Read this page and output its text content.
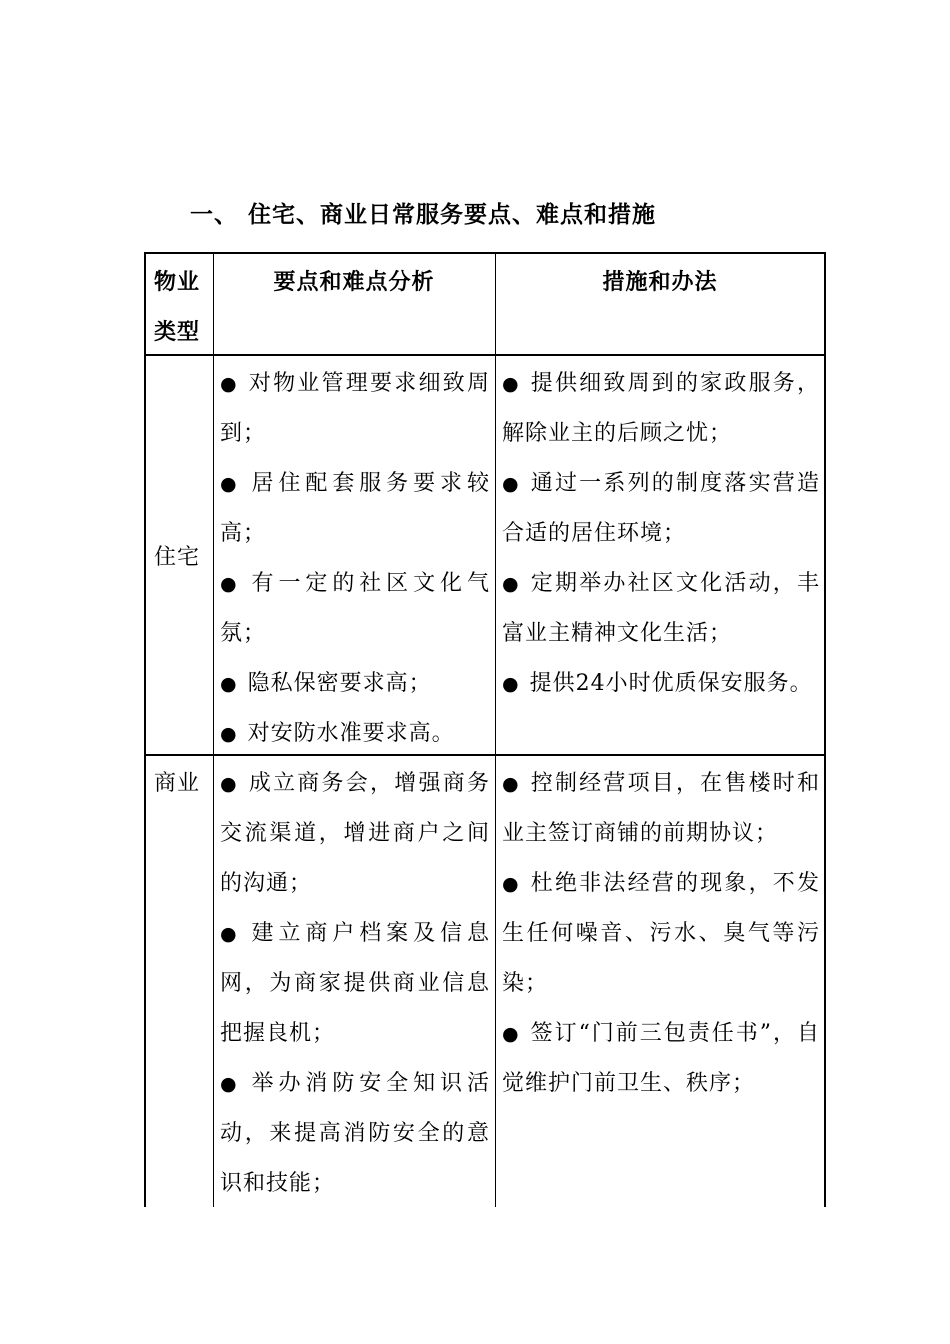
一、 住宅、商业日常服务要点、难点和措施
物业类型
要点和难点分析	措施和办法
住宅
● 对物业管理要求细致周到；
● 居住配套服务要求较高；
● 有一定的社区文化气氛；
● 隐私保密要求高；
● 对安防水准要求高。
● 提供细致周到的家政服务，解除业主的后顾之忧；
● 通过一系列的制度落实营造合适的居住环境；
● 定期举办社区文化活动，丰富业主精神文化生活；
● 提供24小时优质保安服务。
商业	● 成立商务会，增强商务交流渠道，增进商户之间的沟通；
● 建立商户档案及信息网，为商家提供商业信息把握良机；
● 举办消防安全知识活动，来提高消防安全的意识和技能；
● 控制经营项目，在售楼时和业主签订商铺的前期协议；
● 杜绝非法经营的现象，不发生任何噪音、污水、臭气等污染；
● 签订“门前三包责任书”，自觉维护门前卫生、秩序；
